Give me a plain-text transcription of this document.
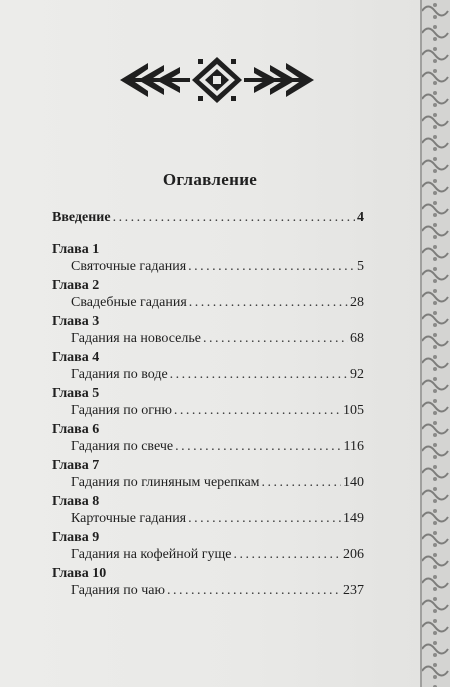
Оглавление
Введение . . .	4
Глава 1
Святочные гадания . . .	5
Глава 2
Свадебные гадания . . .	28
Глава 3
Гадания на новоселье . . .	68
Глава 4
Гадания по воде . . .	92
Глава 5
Гадания по огню . . .	105
Глава 6
Гадания по свече . . .	116
Глава 7
Гадания по глиняным черепкам . . .	140
Глава 8
Карточные гадания . . .	149
Глава 9
Гадания на кофейной гуще . . .	206
Глава 10
Гадания по чаю . . .	237
